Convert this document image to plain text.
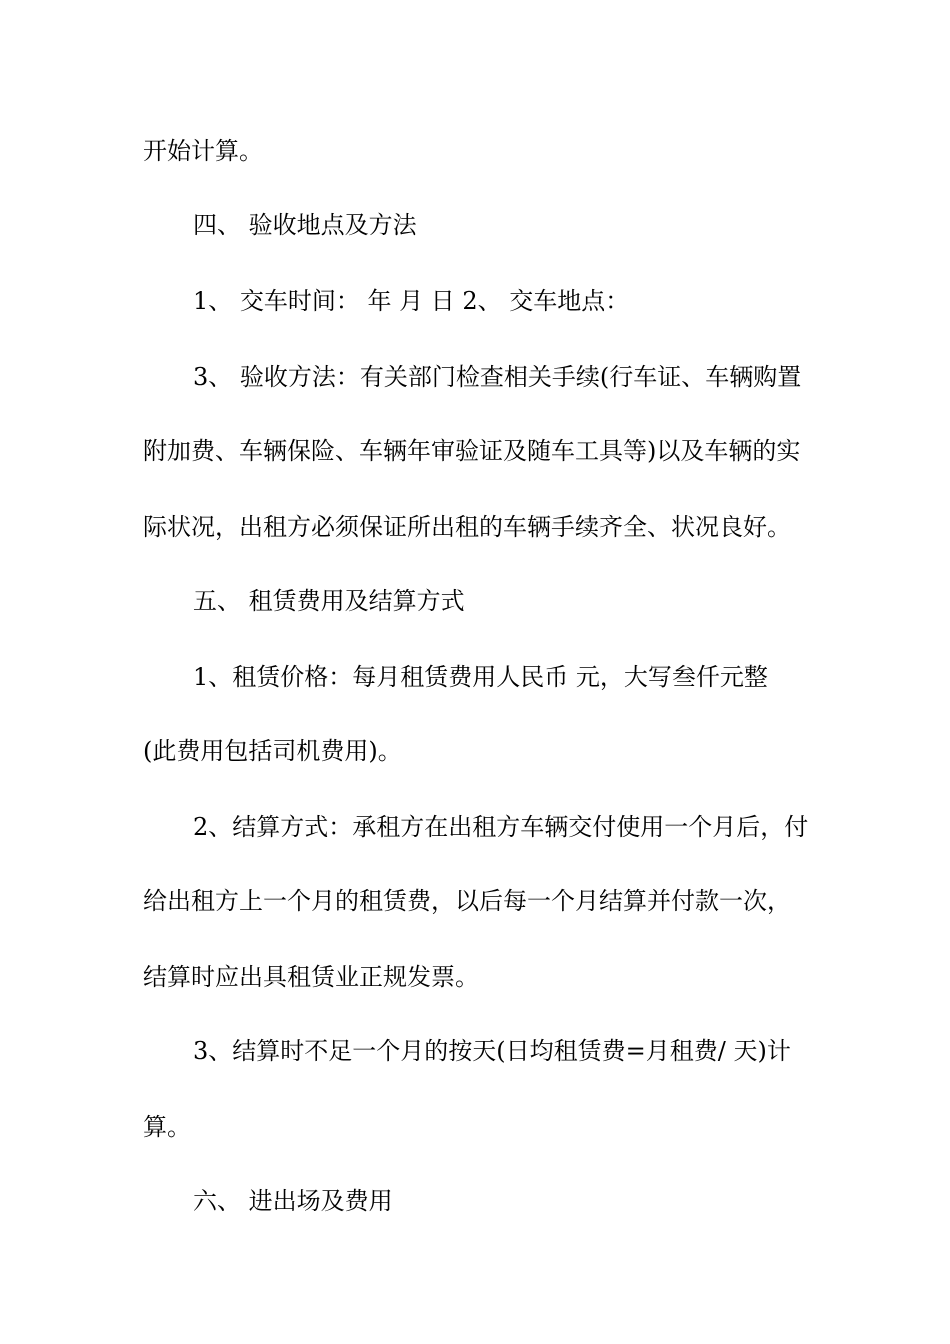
开始计算。
四、 验收地点及方法
1、 交车时间： 年 月 日 2、 交车地点：
3、 验收方法：有关部门检查相关手续(行车证、车辆购置
附加费、车辆保险、车辆年审验证及随车工具等)以及车辆的实
际状况，出租方必须保证所出租的车辆手续齐全、状况良好。
五、 租赁费用及结算方式
1、租赁价格：每月租赁费用人民币 元，大写叁仟元整
(此费用包括司机费用)。
2、结算方式：承租方在出租方车辆交付使用一个月后，付
给出租方上一个月的租赁费，以后每一个月结算并付款一次，
结算时应出具租赁业正规发票。
3、结算时不足一个月的按天(日均租赁费=月租费/ 天)计
算。
六、 进出场及费用
